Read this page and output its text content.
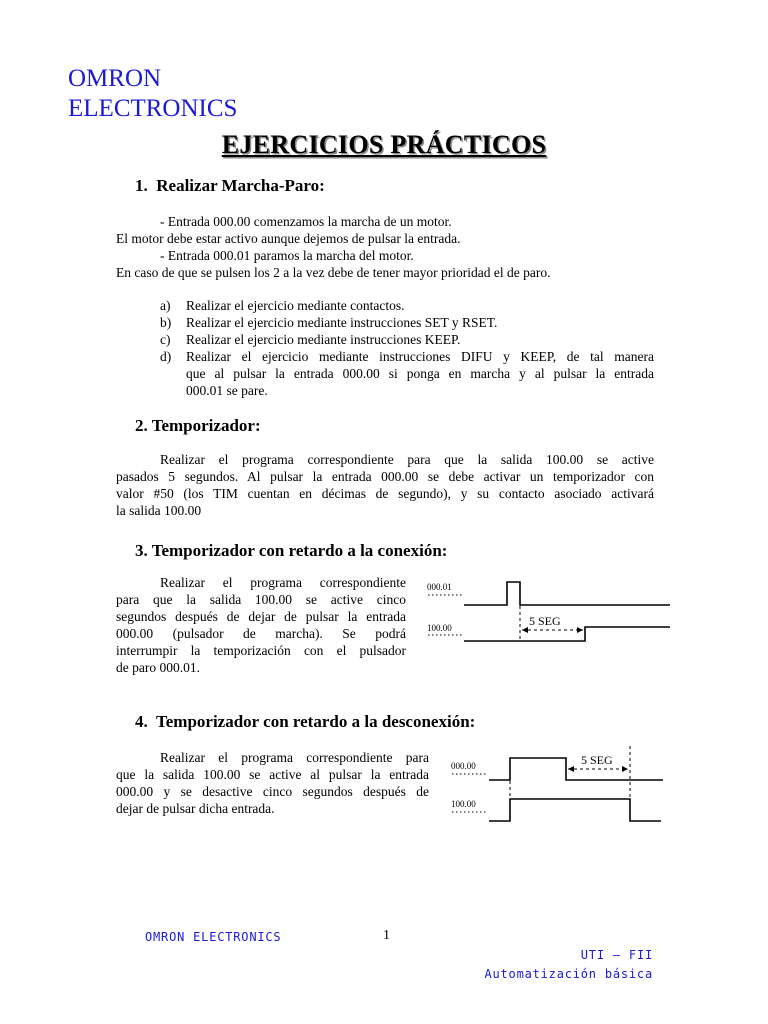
OMRON
ELECTRONICS
EJERCICIOS PRÁCTICOS
1. Realizar Marcha-Paro:
- Entrada 000.00 comenzamos la marcha de un motor.
El motor debe estar activo aunque dejemos de pulsar la entrada.
- Entrada 000.01 paramos la marcha del motor.
En caso de que se pulsen los 2 a la vez debe de tener mayor prioridad el de paro.
a) Realizar el ejercicio mediante contactos.
b) Realizar el ejercicio mediante instrucciones SET y RSET.
c) Realizar el ejercicio mediante instrucciones KEEP.
d) Realizar el ejercicio mediante instrucciones DIFU y KEEP, de tal manera
que al pulsar la entrada 000.00 si ponga en marcha y al pulsar la entrada
000.01 se pare.
2. Temporizador:
Realizar el programa correspondiente para que la salida 100.00 se active
pasados 5 segundos. Al pulsar la entrada 000.00 se debe activar un temporizador con
valor #50 (los TIM cuentan en décimas de segundo), y su contacto asociado activará
la salida 100.00
3. Temporizador con retardo a la conexión:
Realizar el programa correspondiente
para que la salida 100.00 se active cinco
segundos después de dejar de pulsar la entrada
000.00 (pulsador de marcha). Se podrá
interrumpir la temporización con el pulsador
de paro 000.01.
000.01
100.00	5 SEG
4. Temporizador con retardo a la desconexión:
Realizar el programa correspondiente para
que la salida 100.00 se active al pulsar la entrada
000.00 y se desactive cinco segundos después de
dejar de pulsar dicha entrada.
000.00
100.00
5 SEG
OMRON ELECTRONICS	1
UTI – FII
Automatización básica
